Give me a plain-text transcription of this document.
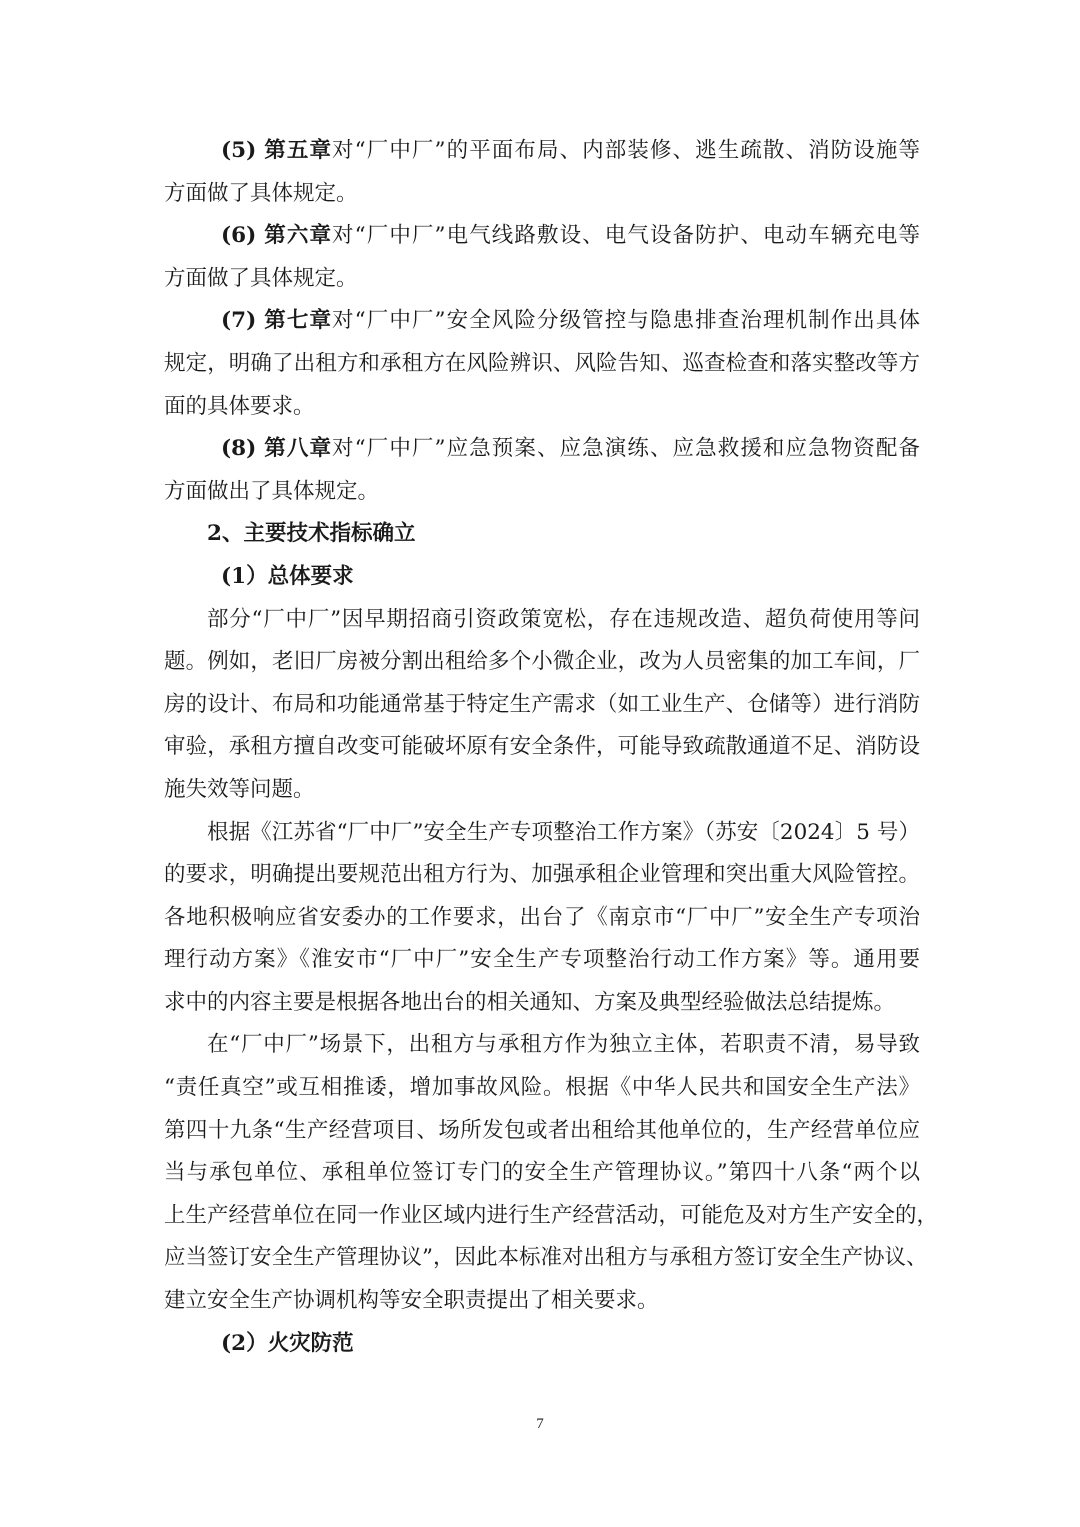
(5) 第五章对“厂中厂”的平面布局、内部装修、逃生疏散、消防设施等
方面做了具体规定。
(6) 第六章对“厂中厂”电气线路敷设、电气设备防护、电动车辆充电等
方面做了具体规定。
(7) 第七章对“厂中厂”安全风险分级管控与隐患排查治理机制作出具体
规定，明确了出租方和承租方在风险辨识、风险告知、巡查检查和落实整改等方
面的具体要求。
(8) 第八章对“厂中厂”应急预案、应急演练、应急救援和应急物资配备
方面做出了具体规定。
2、主要技术指标确立
(1）总体要求
部分“厂中厂”因早期招商引资政策宽松，存在违规改造、超负荷使用等问
题。例如，老旧厂房被分割出租给多个小微企业，改为人员密集的加工车间，厂
房的设计、布局和功能通常基于特定生产需求（如工业生产、仓储等）进行消防
审验，承租方擅自改变可能破坏原有安全条件，可能导致疏散通道不足、消防设
施失效等问题。
根据《江苏省“厂中厂”安全生产专项整治工作方案》（苏安〔2024〕5 号）
的要求，明确提出要规范出租方行为、加强承租企业管理和突出重大风险管控。
各地积极响应省安委办的工作要求，出台了《南京市“厂中厂”安全生产专项治
理行动方案》《淮安市“厂中厂”安全生产专项整治行动工作方案》等。通用要
求中的内容主要是根据各地出台的相关通知、方案及典型经验做法总结提炼。
在“厂中厂”场景下，出租方与承租方作为独立主体，若职责不清，易导致
“责任真空”或互相推诿，增加事故风险。根据《中华人民共和国安全生产法》
第四十九条“生产经营项目、场所发包或者出租给其他单位的，生产经营单位应
当与承包单位、承租单位签订专门的安全生产管理协议。”第四十八条“两个以
上生产经营单位在同一作业区域内进行生产经营活动，可能危及对方生产安全的，
应当签订安全生产管理协议”，因此本标准对出租方与承租方签订安全生产协议、
建立安全生产协调机构等安全职责提出了相关要求。
(2）火灾防范
7
